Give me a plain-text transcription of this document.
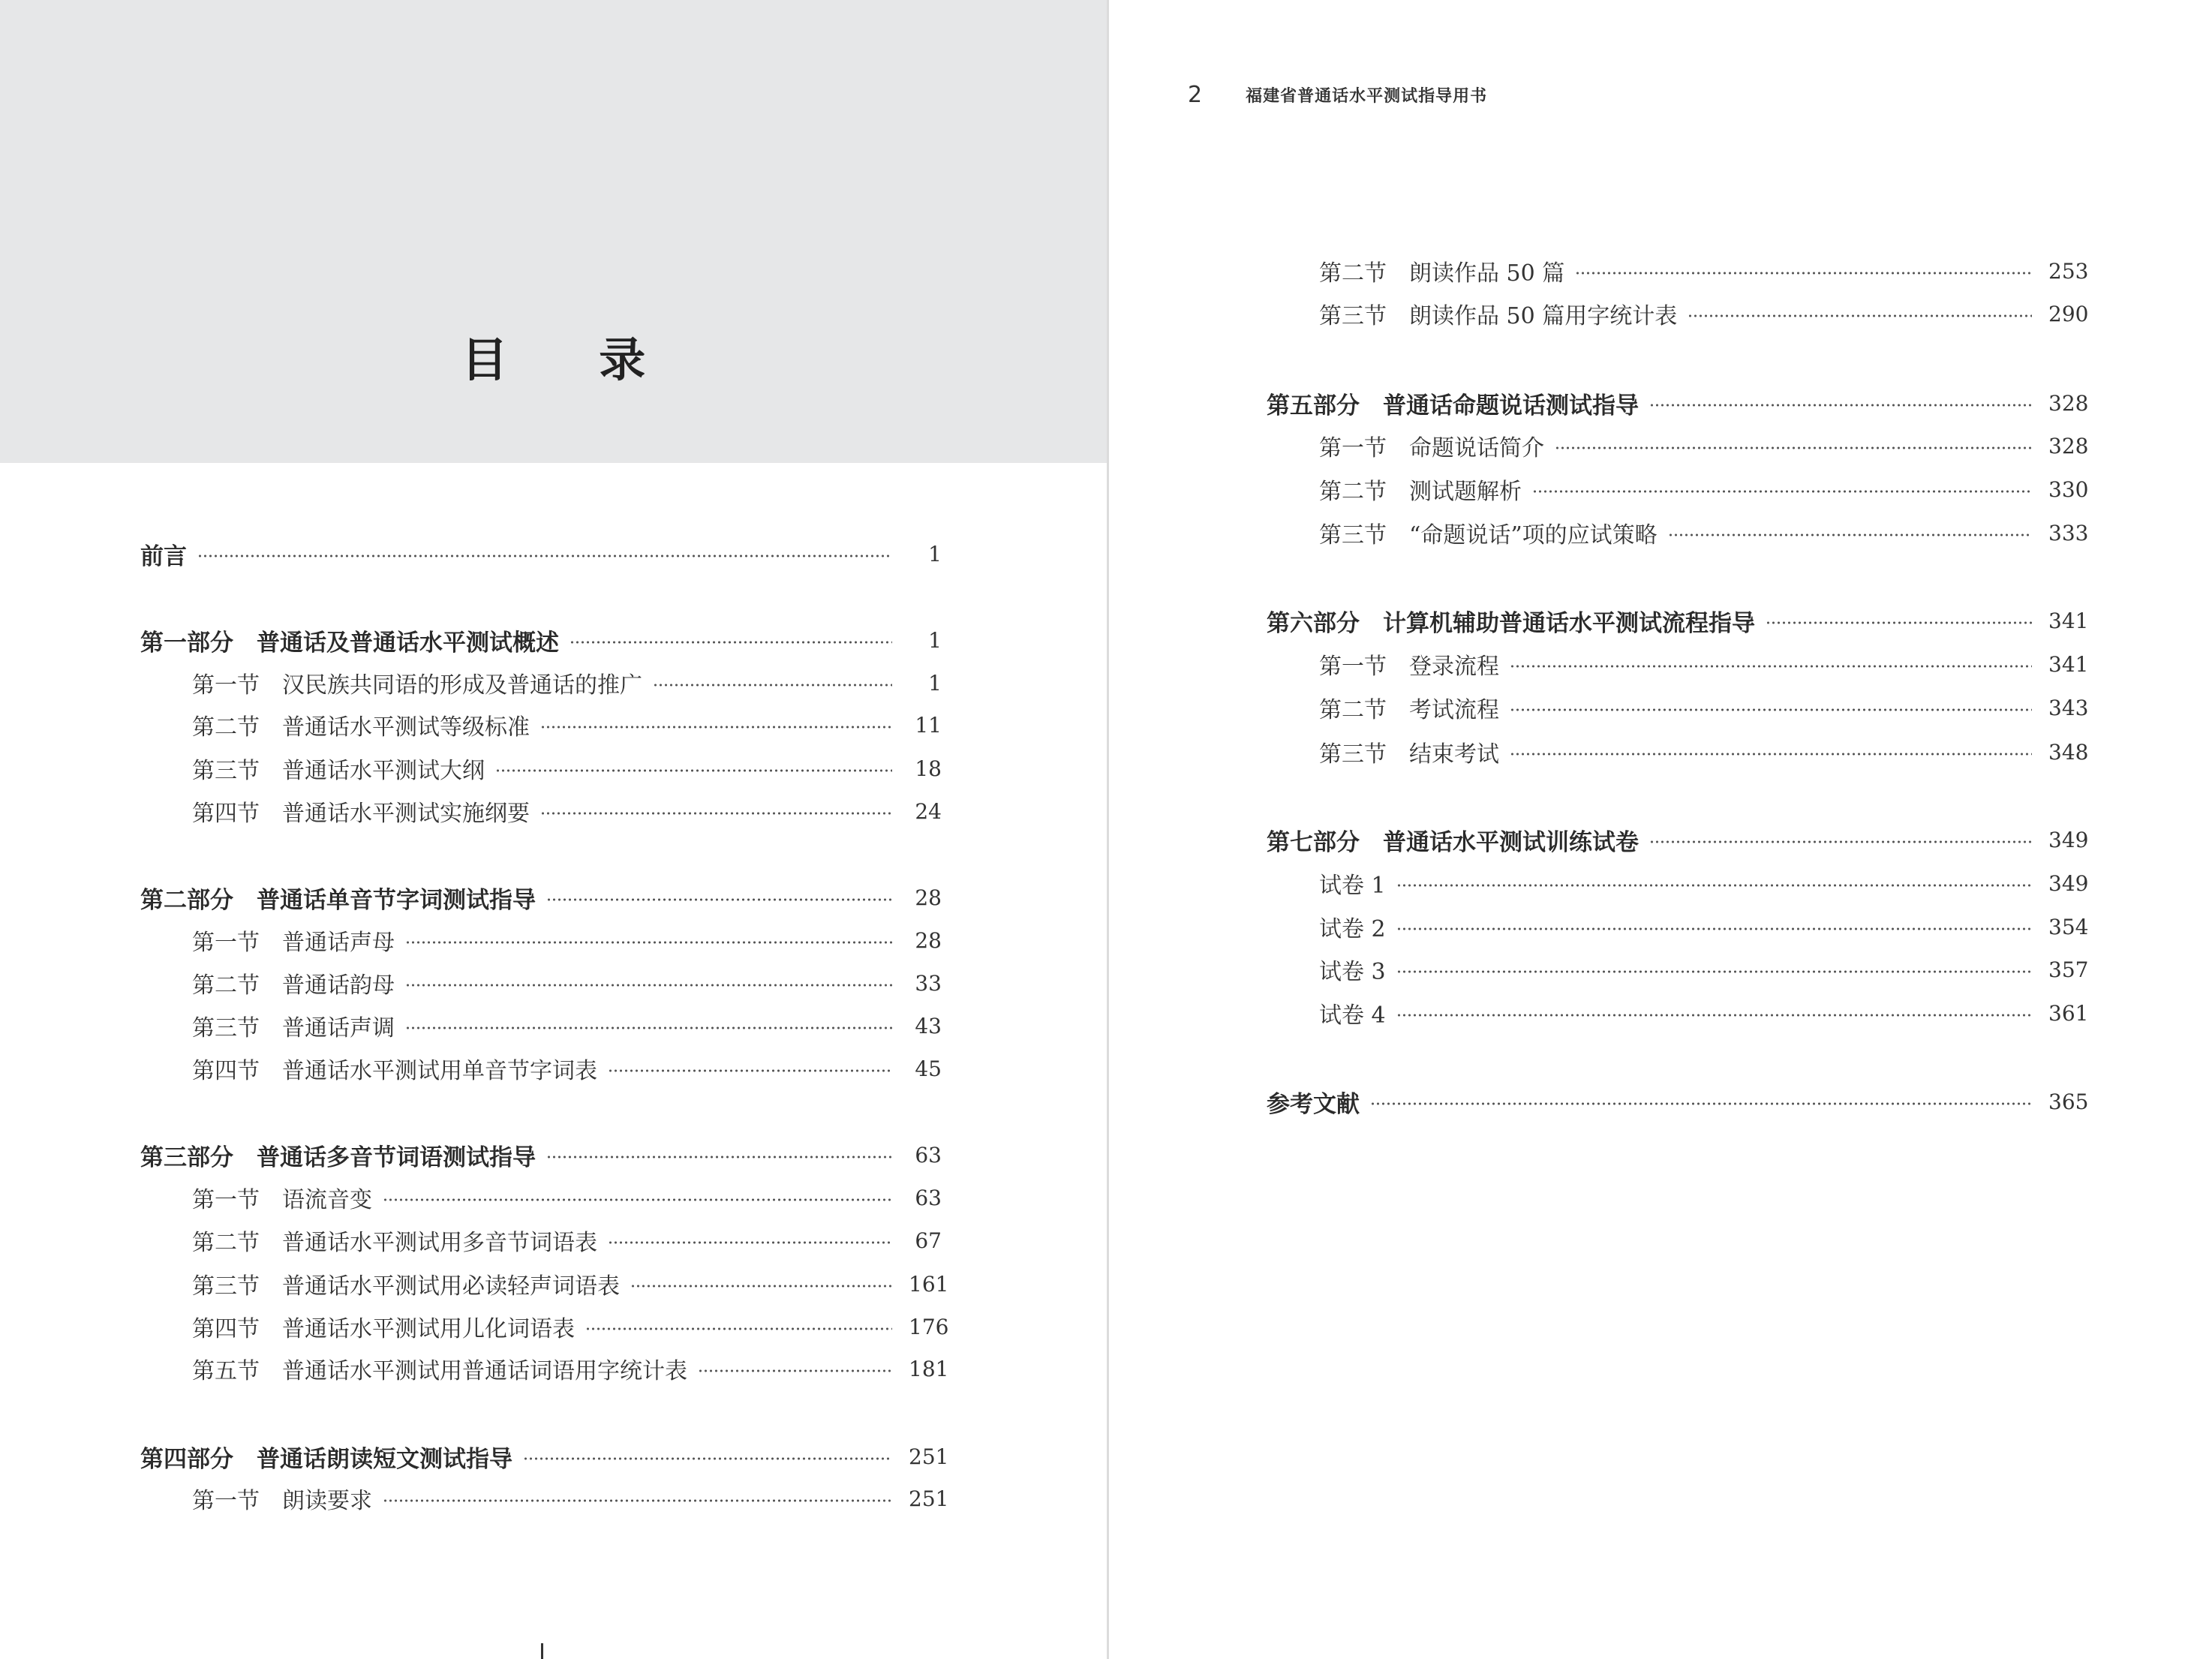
目 录
前言	1
第一部分　普通话及普通话水平测试概述	1
第一节　汉民族共同语的形成及普通话的推广	1
第二节　普通话水平测试等级标准	11
第三节　普通话水平测试大纲	18
第四节　普通话水平测试实施纲要	24
第二部分　普通话单音节字词测试指导	28
第一节　普通话声母	28
第二节　普通话韵母	33
第三节　普通话声调	43
第四节　普通话水平测试用单音节字词表	45
第三部分　普通话多音节词语测试指导	63
第一节　语流音变	63
第二节　普通话水平测试用多音节词语表	67
第三节　普通话水平测试用必读轻声词语表	161
第四节　普通话水平测试用儿化词语表	176
第五节　普通话水平测试用普通话词语用字统计表	181
第四部分　普通话朗读短文测试指导	251
第一节　朗读要求	251
2	福建省普通话水平测试指导用书
第二节　朗读作品 50 篇	253
第三节　朗读作品 50 篇用字统计表	290
第五部分　普通话命题说话测试指导	328
第一节　命题说话简介	328
第二节　测试题解析	330
第三节　“命题说话”项的应试策略	333
第六部分　计算机辅助普通话水平测试流程指导	341
第一节　登录流程	341
第二节　考试流程	343
第三节　结束考试	348
第七部分　普通话水平测试训练试卷	349
试卷 1	349
试卷 2	354
试卷 3	357
试卷 4	361
参考文献	365
